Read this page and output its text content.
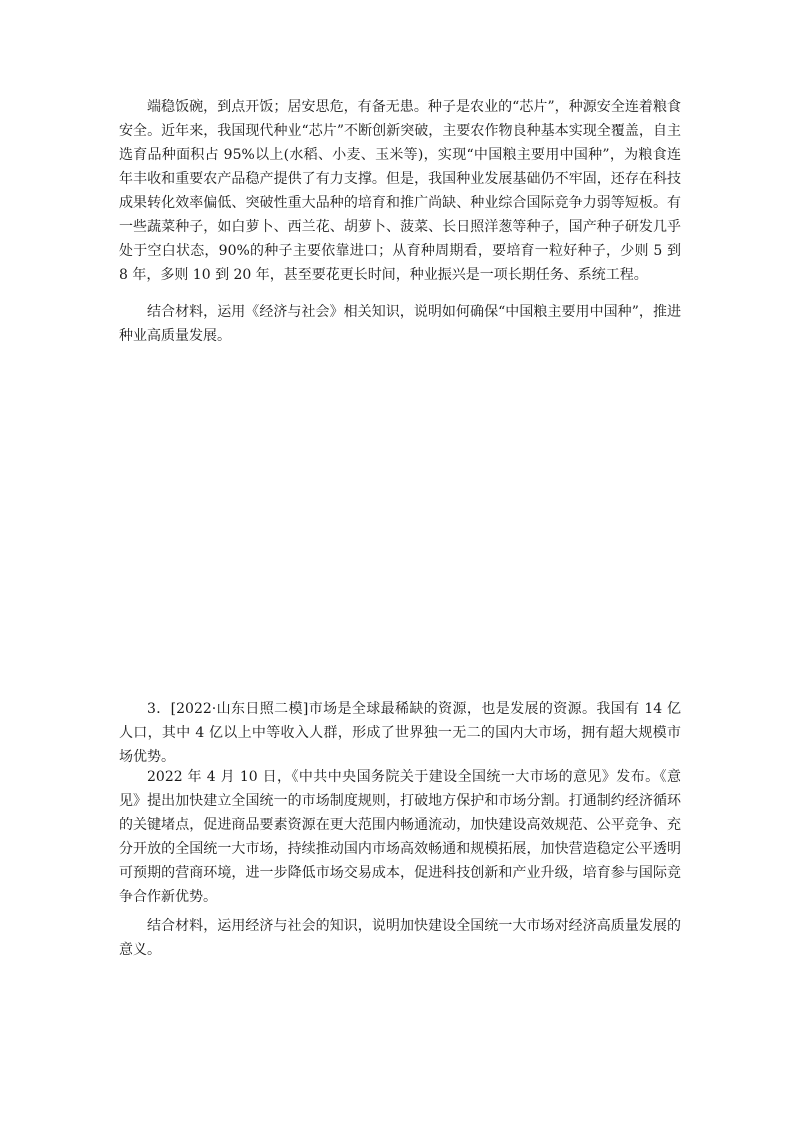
端稳饭碗，到点开饭；居安思危，有备无患。种子是农业的“芯片”，种源安全连着粮食安全。近年来，我国现代种业“芯片”不断创新突破，主要农作物良种基本实现全覆盖，自主选育品种面积占 95%以上(水稻、小麦、玉米等)，实现“中国粮主要用中国种”，为粮食连年丰收和重要农产品稳产提供了有力支撑。但是，我国种业发展基础仍不牢固，还存在科技成果转化效率偏低、突破性重大品种的培育和推广尚缺、种业综合国际竞争力弱等短板。有一些蔬菜种子，如白萝卜、西兰花、胡萝卜、菠菜、长日照洋葱等种子，国产种子研发几乎处于空白状态，90%的种子主要依靠进口；从育种周期看，要培育一粒好种子，少则 5 到 8 年，多则 10 到 20 年，甚至要花更长时间，种业振兴是一项长期任务、系统工程。

结合材料，运用《经济与社会》相关知识，说明如何确保“中国粮主要用中国种”，推进种业高质量发展。

3．[2022·山东日照二模]市场是全球最稀缺的资源，也是发展的资源。我国有 14 亿人口，其中 4 亿以上中等收入人群，形成了世界独一无二的国内大市场，拥有超大规模市场优势。

2022 年 4 月 10 日，《中共中央国务院关于建设全国统一大市场的意见》发布。《意见》提出加快建立全国统一的市场制度规则，打破地方保护和市场分割。打通制约经济循环的关键堵点，促进商品要素资源在更大范围内畅通流动，加快建设高效规范、公平竞争、充分开放的全国统一大市场，持续推动国内市场高效畅通和规模拓展，加快营造稳定公平透明可预期的营商环境，进一步降低市场交易成本，促进科技创新和产业升级，培育参与国际竞争合作新优势。

结合材料，运用经济与社会的知识，说明加快建设全国统一大市场对经济高质量发展的意义。
